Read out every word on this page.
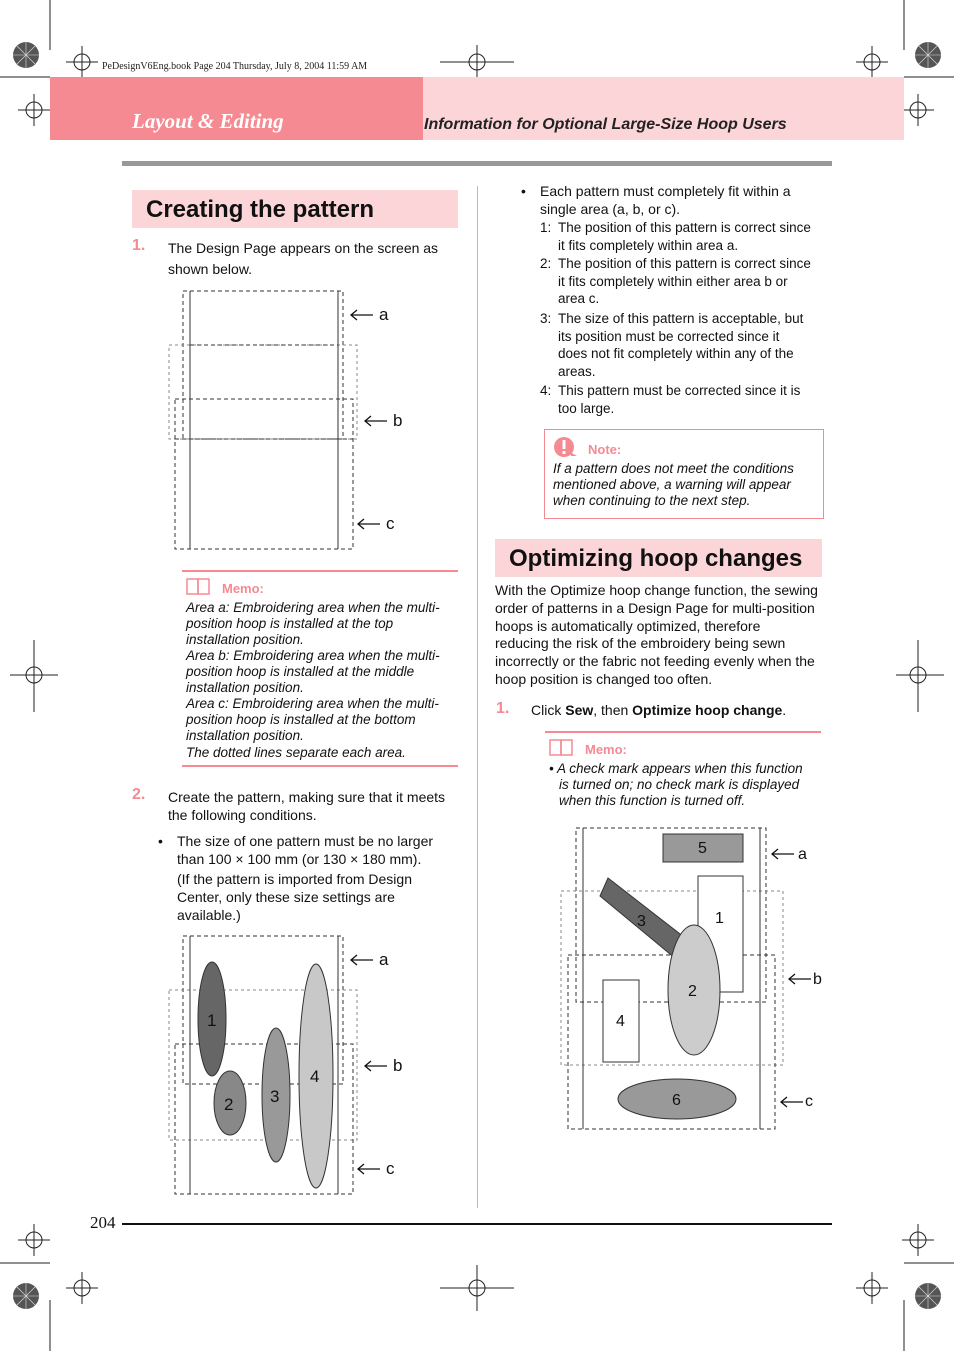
PeDesignV6Eng.book Page 204 Thursday, July 8, 2004 11:59 AM
Layout & Editing	Information for Optional Large-Size Hoop Users
Creating the pattern
1. The Design Page appears on the screen as
shown below.
a
b
c
Memo:
Area a: Embroidering area when the multi-
position hoop is installed at the top
installation position.
Area b: Embroidering area when the multi-
position hoop is installed at the middle
installation position.
Area c: Embroidering area when the multi-
position hoop is installed at the bottom
installation position.
The dotted lines separate each area.
2. Create the pattern, making sure that it meets
the following conditions.
• The size of one pattern must be no larger
than 100 × 100 mm (or 130 × 180 mm).
(If the pattern is imported from Design
Center, only these size settings are
available.)
1
2 3
4
a
b
c
• Each pattern must completely fit within a
single area (a, b, or c).
1: The position of this pattern is correct since
it fits completely within area a.
2: The position of this pattern is correct since
it fits completely within either area b or
area c.
3: The size of this pattern is acceptable, but
its position must be corrected since it
does not fit completely within any of the
areas.
4: This pattern must be corrected since it is
too large.
Note:
If a pattern does not meet the conditions
mentioned above, a warning will appear
when continuing to the next step.
Optimizing hoop changes
With the Optimize hoop change function, the sewing
order of patterns in a Design Page for multi-position
hoops is automatically optimized, therefore
reducing the risk of the embroidery being sewn
incorrectly or the fabric not feeding evenly when the
hoop position is changed too often.
1. Click Sew, then Optimize hoop change.
Memo:
• A check mark appears when this function
is turned on; no check mark is displayed
when this function is turned off.
5
3	1
2
4
6
a
b
c
204
